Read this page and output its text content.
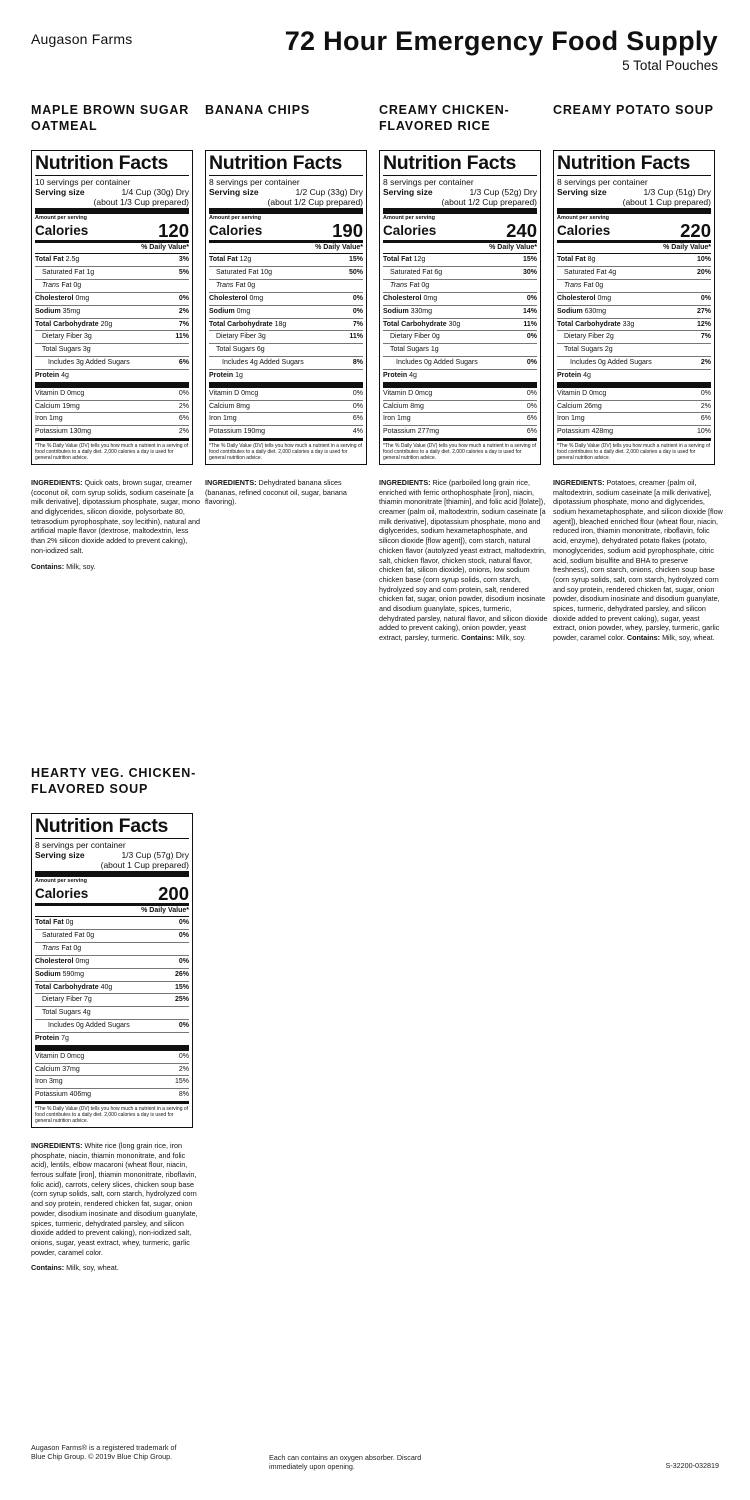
Augason Farms	72 Hour Emergency Food Supply
5 Total Pouches
MAPLE BROWN SUGAR OATMEAL
Nutrition Facts
10 servings per container
Serving size	1/4 Cup (30g) Dry
(about 1/3 Cup prepared)
Amount per serving
Calories	120
% Daily Value*
Total Fat 2.5g	3%
Saturated Fat 1g	5%
Trans Fat 0g
Cholesterol 0mg	0%
Sodium 35mg	2%
Total Carbohydrate 20g	7%
Dietary Fiber 3g	11%
Total Sugars 3g
Includes 3g Added Sugars	6%
Protein 4g
Vitamin D 0mcg	0%
Calcium 19mg	2%
Iron 1mg	6%
Potassium 130mg	2%
*The % Daily Value (DV) tells you how much a nutrient in a serving of food contributes to a daily diet. 2,000 calories a day is used for general nutrition advice.
INGREDIENTS: Quick oats, brown sugar, creamer (coconut oil, corn syrup solids, sodium caseinate [a milk derivative], dipotassium phosphate, sugar, mono and diglycerides, silicon dioxide, polysorbate 80, tetrasodium pyrophosphate, soy lecithin), natural and artificial maple flavor (dextrose, maltodextrin, less than 2% silicon dioxide added to prevent caking), non-iodized salt.
Contains: Milk, soy.
BANANA CHIPS
Nutrition Facts
8 servings per container
Serving size	1/2 Cup (33g) Dry
(about 1/2 Cup prepared)
Amount per serving
Calories	190
% Daily Value*
Total Fat 12g	15%
Saturated Fat 10g	50%
Trans Fat 0g
Cholesterol 0mg	0%
Sodium 0mg	0%
Total Carbohydrate 18g	7%
Dietary Fiber 3g	11%
Total Sugars 6g
Includes 4g Added Sugars	8%
Protein 1g
Vitamin D 0mcg	0%
Calcium 8mg	0%
Iron 1mg	6%
Potassium 190mg	4%
*The % Daily Value (DV) tells you how much a nutrient in a serving of food contributes to a daily diet. 2,000 calories a day is used for general nutrition advice.
INGREDIENTS: Dehydrated banana slices (bananas, refined coconut oil, sugar, banana flavoring).
CREAMY CHICKEN-FLAVORED RICE
Nutrition Facts
8 servings per container
Serving size	1/3 Cup (52g) Dry
(about 1/2 Cup prepared)
Amount per serving
Calories	240
% Daily Value*
Total Fat 12g	15%
Saturated Fat 6g	30%
Trans Fat 0g
Cholesterol 0mg	0%
Sodium 330mg	14%
Total Carbohydrate 30g	11%
Dietary Fiber 0g	0%
Total Sugars 1g
Includes 0g Added Sugars	0%
Protein 4g
Vitamin D 0mcg	0%
Calcium 8mg	0%
Iron 1mg	6%
Potassium 277mg	6%
*The % Daily Value (DV) tells you how much a nutrient in a serving of food contributes to a daily diet. 2,000 calories a day is used for general nutrition advice.
INGREDIENTS: Rice (parboiled long grain rice, enriched with ferric orthophosphate [iron], niacin, thiamin mononitrate [thiamin], and folic acid [folate]), creamer (palm oil, maltodextrin, sodium caseinate [a milk derivative], dipotassium phosphate, mono and diglycerides, sodium hexametaphosphate, and silicon dioxide [flow agent]), corn starch, natural chicken flavor (autolyzed yeast extract, maltodextrin, salt, chicken flavor, chicken stock, natural flavor, chicken fat, silicon dioxide), onions, low sodium chicken base (corn syrup solids, corn starch, hydrolyzed soy and corn protein, salt, rendered chicken fat, sugar, onion powder, disodium inosinate and disodium guanylate, spices, turmeric, dehydrated parsley, natural flavor, and silicon dioxide added to prevent caking), onion powder, yeast extract, parsley, turmeric. Contains: Milk, soy.
CREAMY POTATO SOUP
Nutrition Facts
8 servings per container
Serving size	1/3 Cup (51g) Dry
(about 1 Cup prepared)
Amount per serving
Calories	220
% Daily Value*
Total Fat 8g	10%
Saturated Fat 4g	20%
Trans Fat 0g
Cholesterol 0mg	0%
Sodium 630mg	27%
Total Carbohydrate 33g	12%
Dietary Fiber 2g	7%
Total Sugars 2g
Includes 0g Added Sugars	2%
Protein 4g
Vitamin D 0mcg	0%
Calcium 26mg	2%
Iron 1mg	6%
Potassium 428mg	10%
*The % Daily Value (DV) tells you how much a nutrient in a serving of food contributes to a daily diet. 2,000 calories a day is used for general nutrition advice.
INGREDIENTS: Potatoes, creamer (palm oil, maltodextrin, sodium caseinate [a milk derivative], dipotassium phosphate, mono and diglycerides, sodium hexametaphosphate, and silicon dioxide [flow agent]), bleached enriched flour (wheat flour, niacin, reduced iron, thiamin mononitrate, riboflavin, folic acid, enzyme), dehydrated potato flakes (potato, monoglycerides, sodium acid pyrophosphate, citric acid, sodium bisulfite and BHA to preserve freshness), corn starch, onions, chicken soup base (corn syrup solids, salt, corn starch, hydrolyzed corn and soy protein, rendered chicken fat, sugar, onion powder, disodium inosinate and disodium guanylate, spices, turmeric, dehydrated parsley, and silicon dioxide added to prevent caking), sugar, yeast extract, onion powder, whey, parsley, turmeric, garlic powder, caramel color. Contains: Milk, soy, wheat.
HEARTY VEG. CHICKEN-FLAVORED SOUP
Nutrition Facts
8 servings per container
Serving size	1/3 Cup (57g) Dry
(about 1 Cup prepared)
Amount per serving
Calories	200
% Daily Value*
Total Fat 0g	0%
Saturated Fat 0g	0%
Trans Fat 0g
Cholesterol 0mg	0%
Sodium 590mg	26%
Total Carbohydrate 40g	15%
Dietary Fiber 7g	25%
Total Sugars 4g
Includes 0g Added Sugars	0%
Protein 7g
Vitamin D 0mcg	0%
Calcium 37mg	2%
Iron 3mg	15%
Potassium 406mg	8%
*The % Daily Value (DV) tells you how much a nutrient in a serving of food contributes to a daily diet. 2,000 calories a day is used for general nutrition advice.
INGREDIENTS: White rice (long grain rice, iron phosphate, niacin, thiamin mononitrate, and folic acid), lentils, elbow macaroni (wheat flour, niacin, ferrous sulfate [iron], thiamin mononitrate, riboflavin, folic acid), carrots, celery slices, chicken soup base (corn syrup solids, salt, corn starch, hydrolyzed corn and soy protein, rendered chicken fat, sugar, onion powder, disodium inosinate and disodium guanylate, spices, turmeric, dehydrated parsley, and silicon dioxide added to prevent caking), non-iodized salt, onions, sugar, yeast extract, whey, turmeric, garlic powder, caramel color.
Contains: Milk, soy, wheat.
Augason Farms® is a registered trademark of Blue Chip Group. © 2019v Blue Chip Group.	Each can contains an oxygen absorber. Discard immediately upon opening.	S-32200-032819
